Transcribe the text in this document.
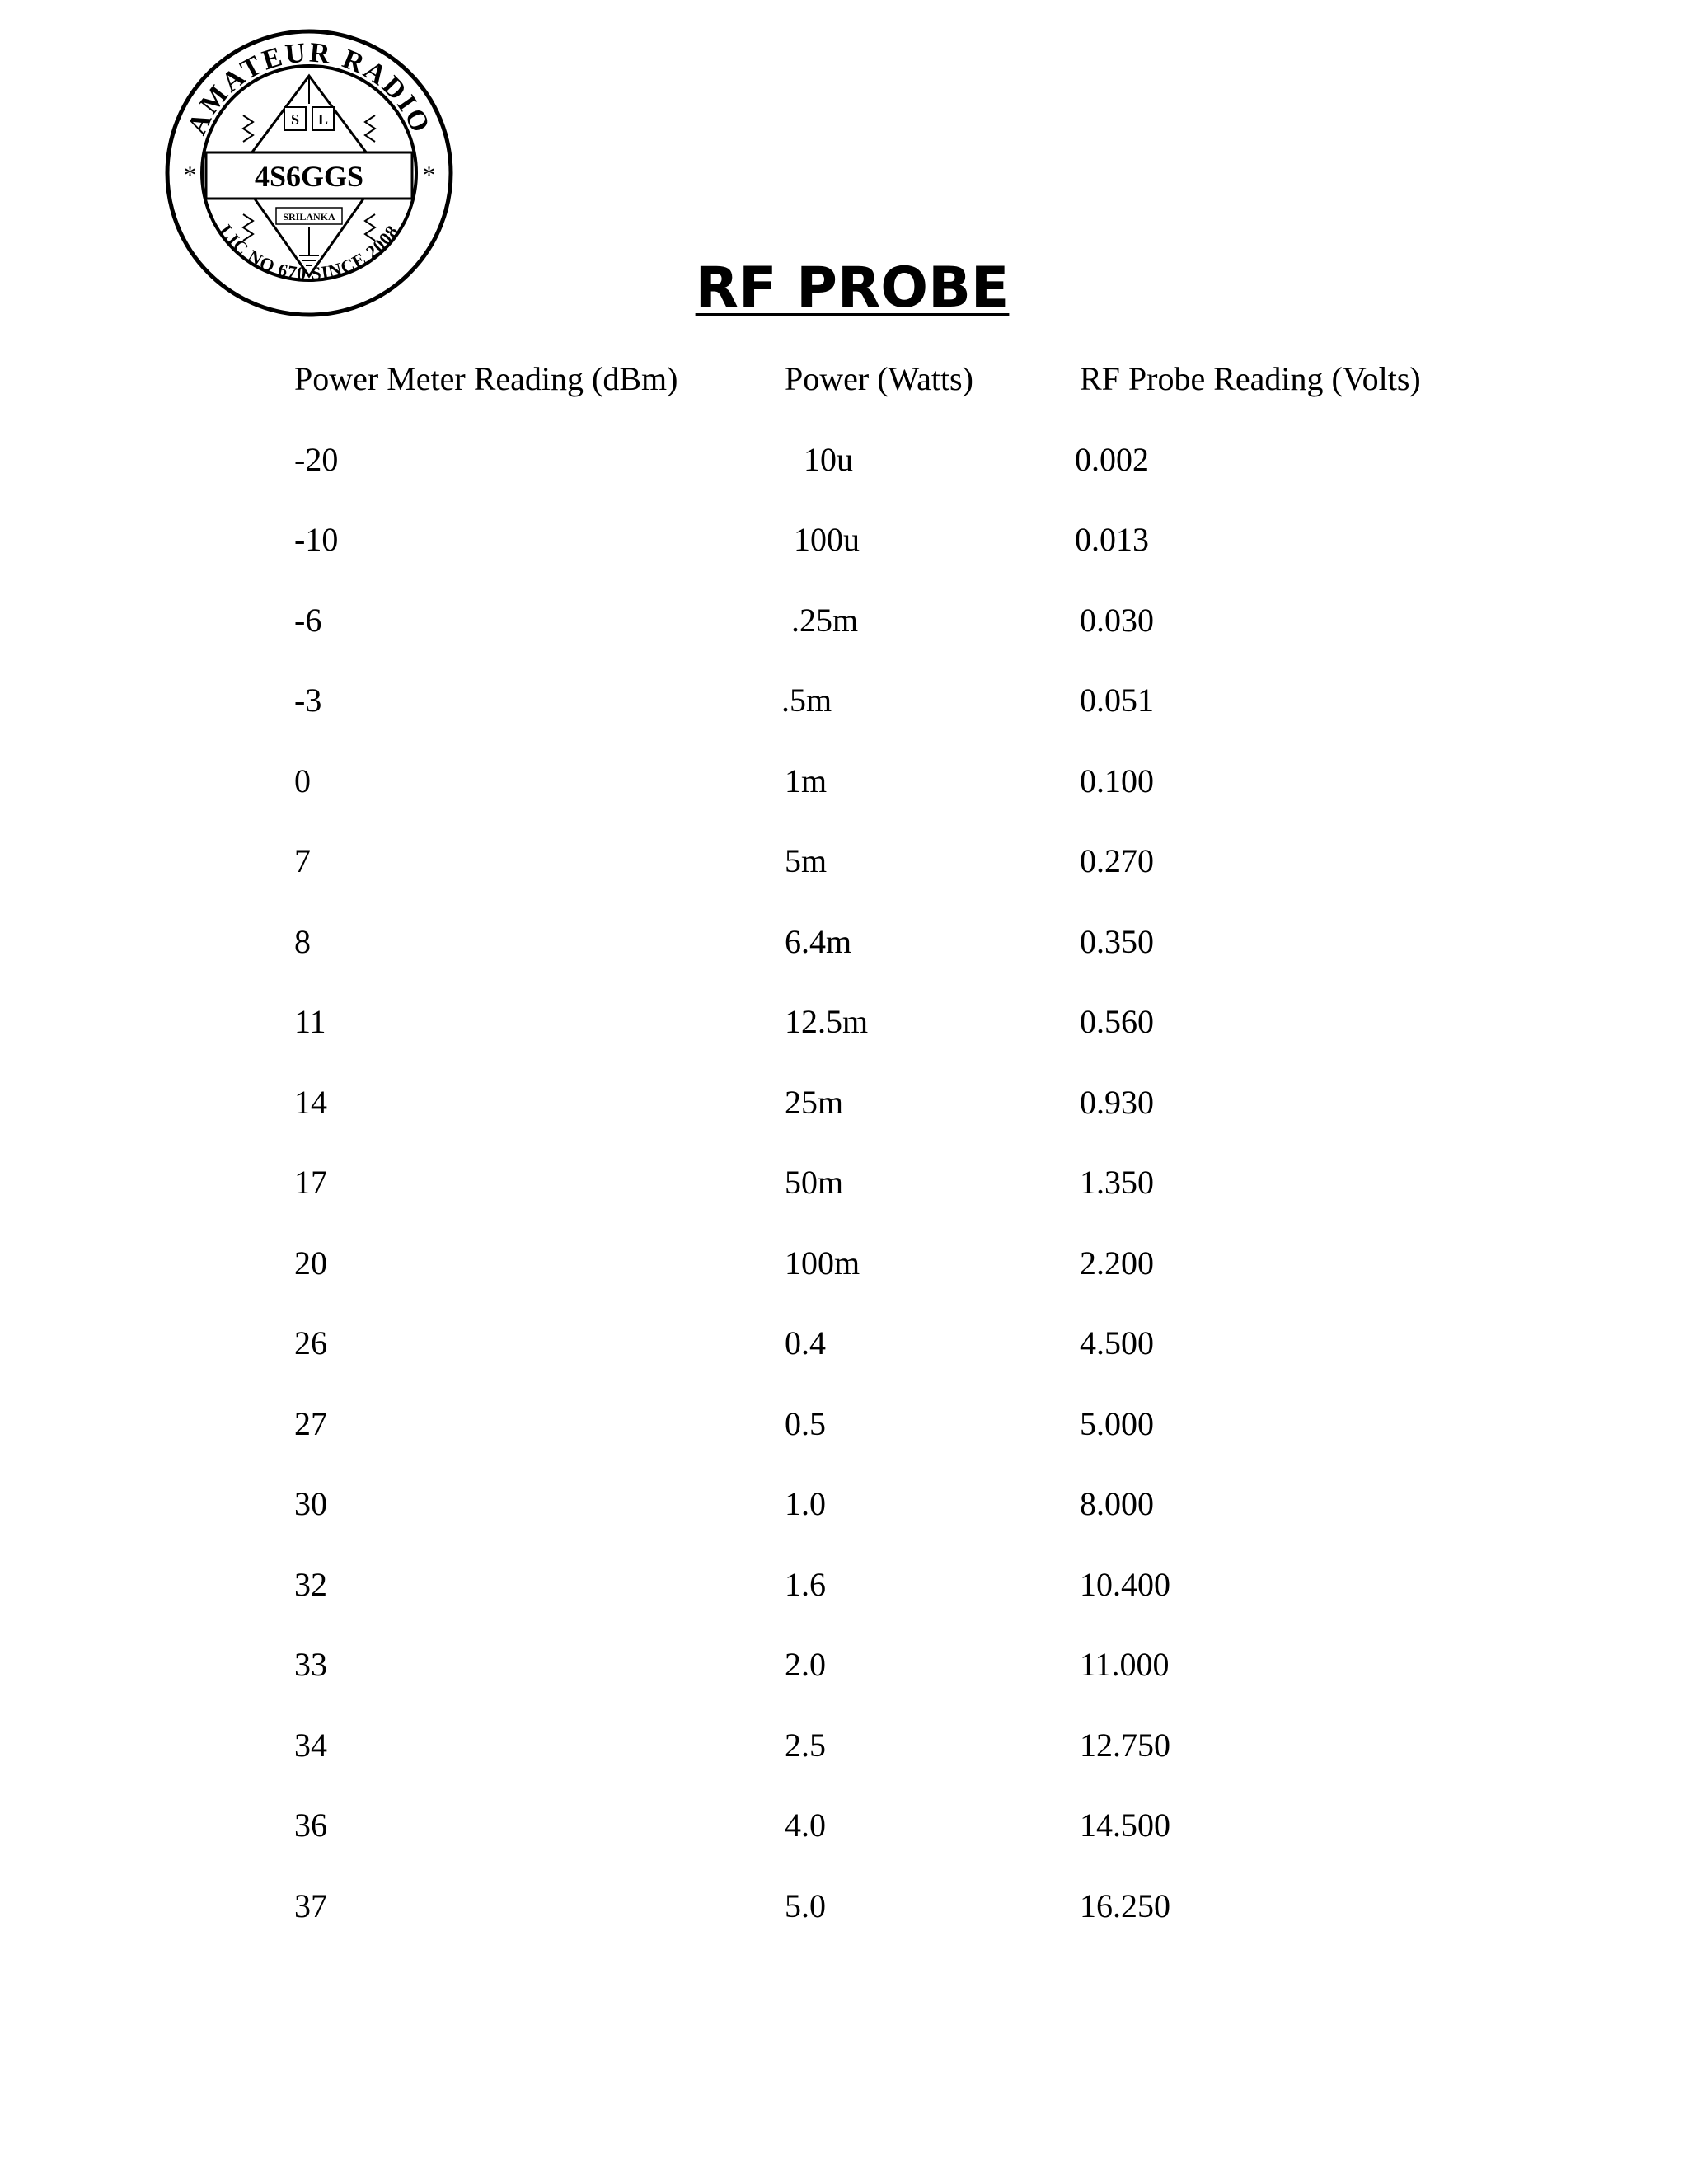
AMATEUR RADIO
LIC NO 670 SINCE 2008
*	*
4S6GGS
S L
SRILANKA
RF PROBE
Power Meter Reading (dBm)	Power (Watts)	RF Probe Reading (Volts)
-20	10u	0.002
-10	100u	0.013
-6	.25m	0.030
-3	.5m	0.051
0	1m	0.100
7	5m	0.270
8	6.4m	0.350
11	12.5m	0.560
14	25m	0.930
17	50m	1.350
20	100m	2.200
26	0.4	4.500
27	0.5	5.000
30	1.0	8.000
32	1.6	10.400
33	2.0	11.000
34	2.5	12.750
36	4.0	14.500
37	5.0	16.250
